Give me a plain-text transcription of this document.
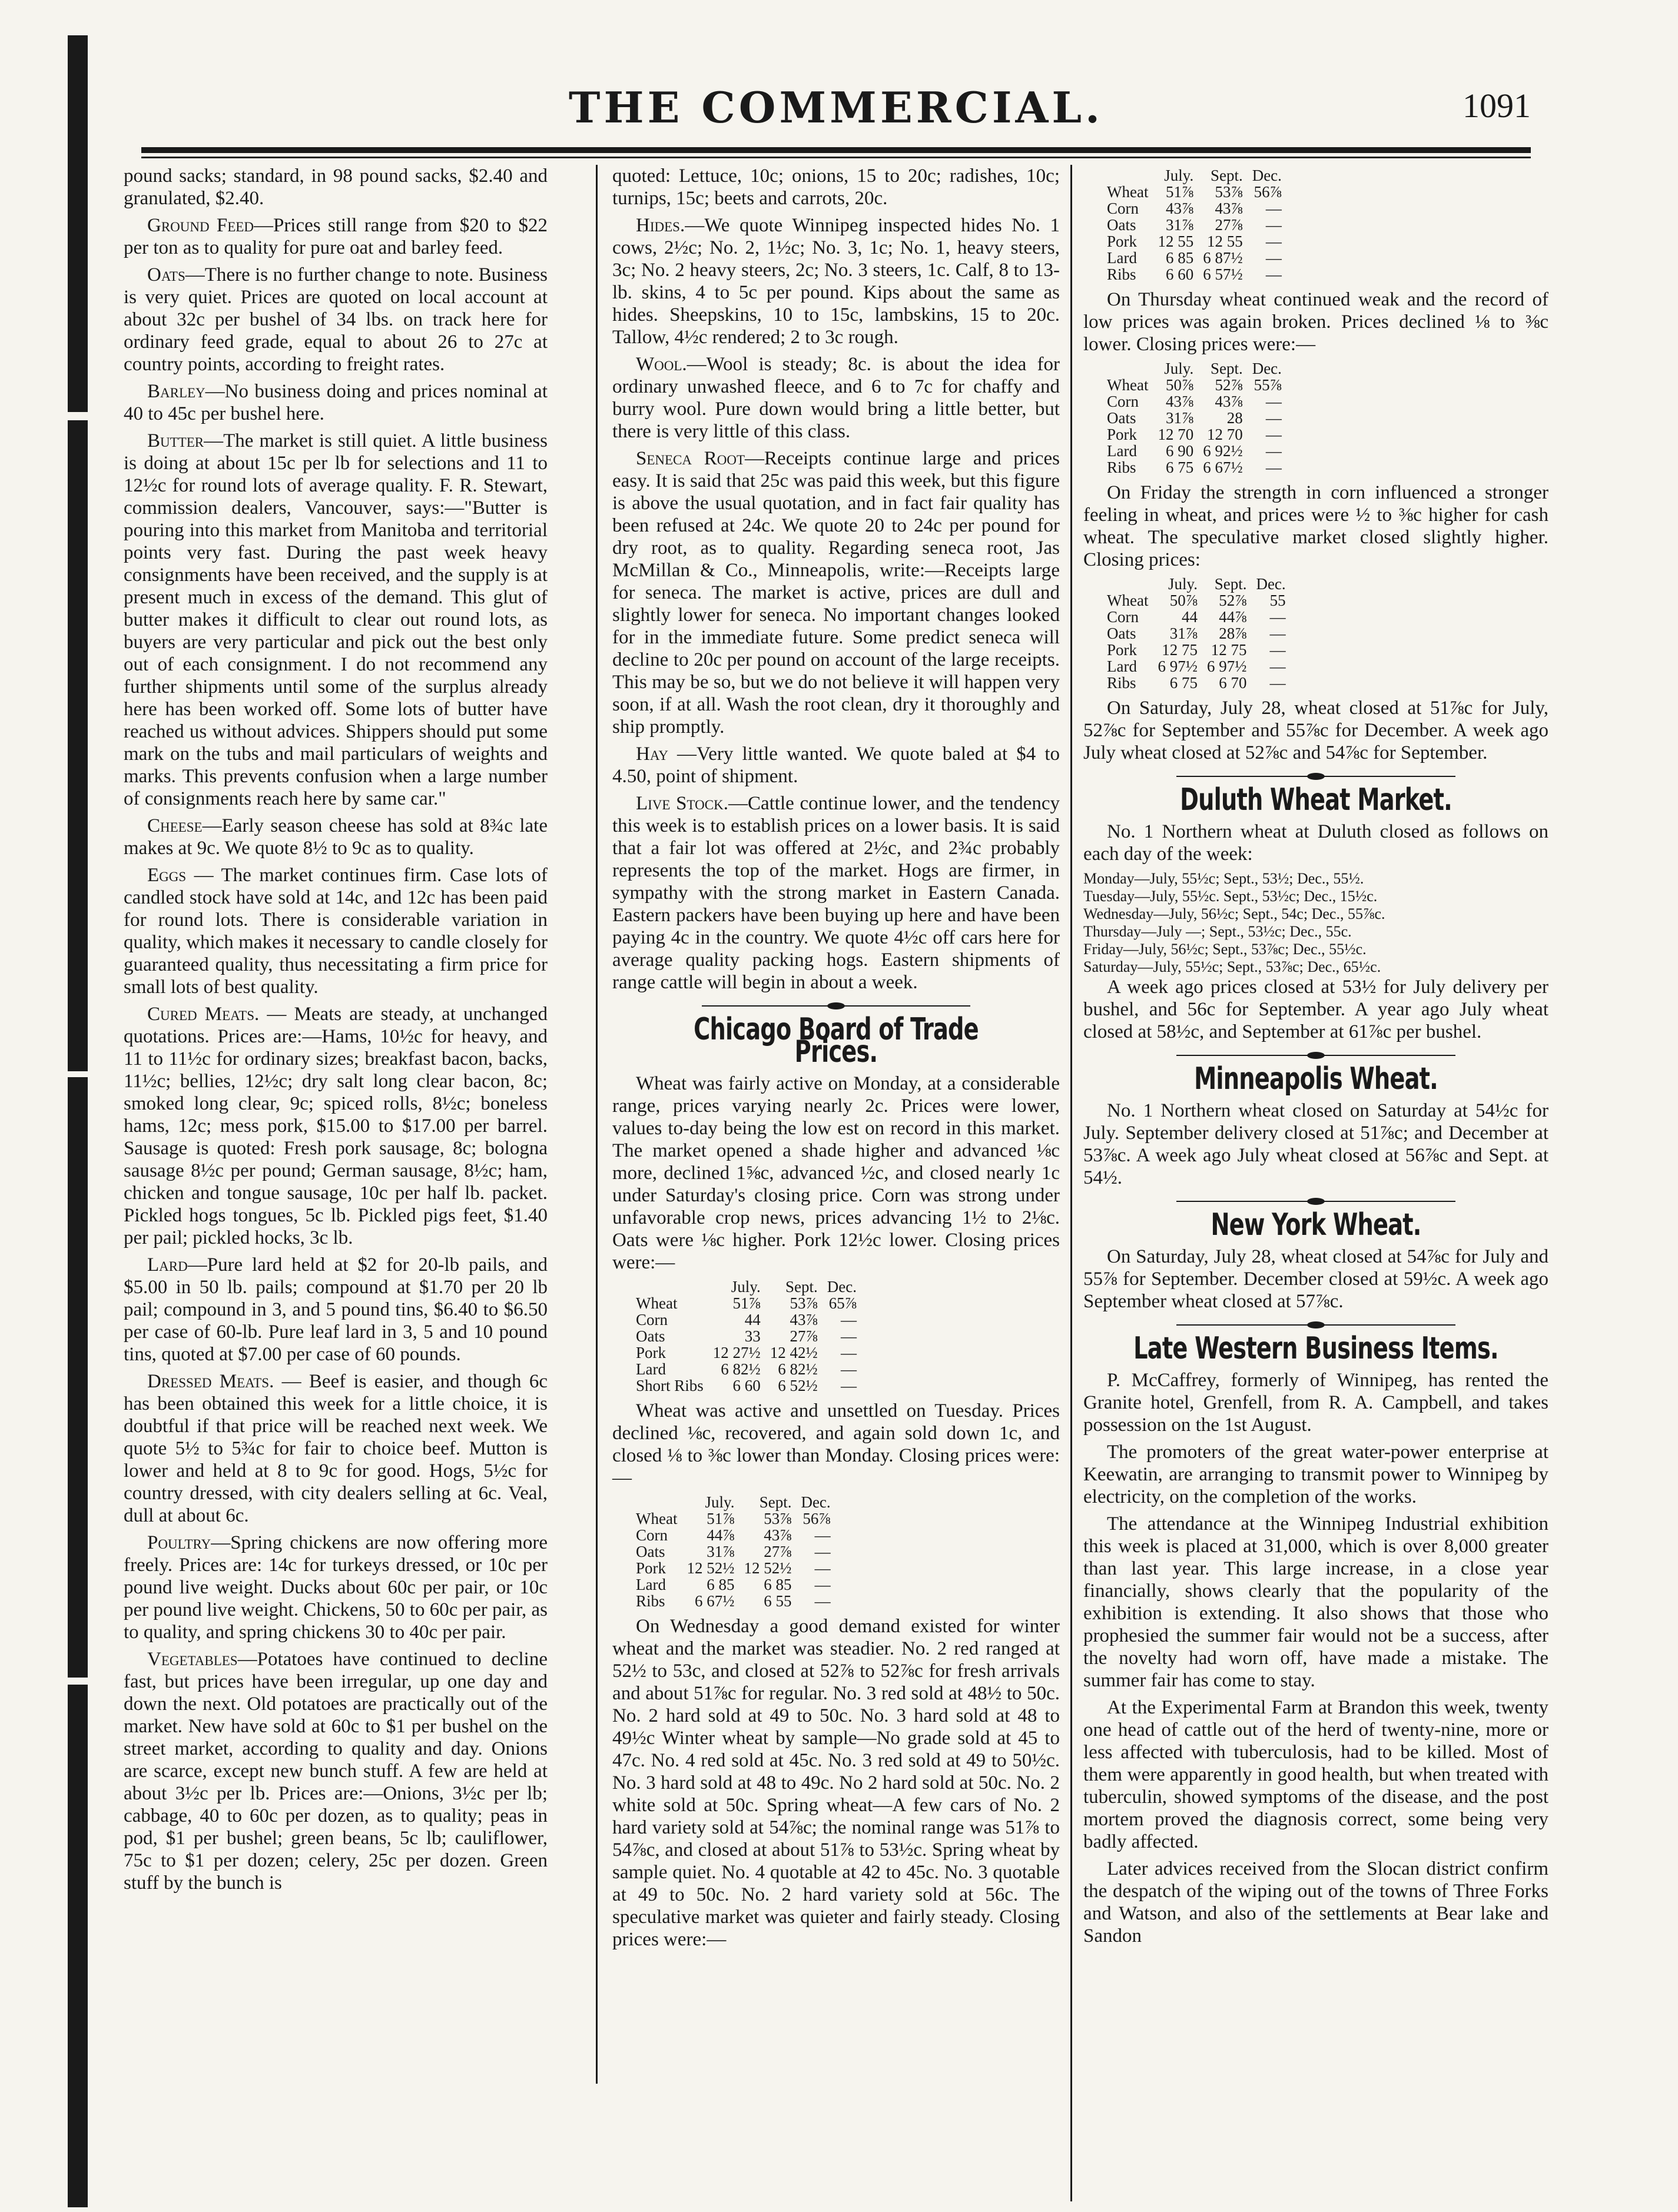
THE COMMERCIAL.	1091

pound sacks; standard, in 98 pound sacks, $2.40 and granulated, $2.40.

Ground Feed—Prices still range from $20 to $22 per ton as to quality for pure oat and barley feed.

Oats—There is no further change to note. Business is very quiet. Prices are quoted on local account at about 32c per bushel of 34 lbs. on track here for ordinary feed grade, equal to about 26 to 27c at country points, according to freight rates.

Barley—No business doing and prices nominal at 40 to 45c per bushel here.

Butter—The market is still quiet. A little business is doing at about 15c per lb for selections and 11 to 12½c for round lots of average quality. F. R. Stewart, commission dealers, Vancouver, says:—"Butter is pouring into this market from Manitoba and territorial points very fast. During the past week heavy consignments have been received, and the supply is at present much in excess of the demand. This glut of butter makes it difficult to clear out round lots, as buyers are very particular and pick out the best only out of each consignment. I do not recommend any further shipments until some of the surplus already here has been worked off. Some lots of butter have reached us without advices. Shippers should put some mark on the tubs and mail particulars of weights and marks. This prevents confusion when a large number of consignments reach here by same car."

Cheese—Early season cheese has sold at 8¾c late makes at 9c. We quote 8½ to 9c as to quality.

Eggs — The market continues firm. Case lots of candled stock have sold at 14c, and 12c has been paid for round lots. There is considerable variation in quality, which makes it necessary to candle closely for guaranteed quality, thus necessitating a firm price for small lots of best quality.

Cured Meats. — Meats are steady, at unchanged quotations. Prices are:—Hams, 10½c for heavy, and 11 to 11½c for ordinary sizes; breakfast bacon, backs, 11½c; bellies, 12½c; dry salt long clear bacon, 8c; smoked long clear, 9c; spiced rolls, 8½c; boneless hams, 12c; mess pork, $15.00 to $17.00 per barrel. Sausage is quoted: Fresh pork sausage, 8c; bologna sausage 8½c per pound; German sausage, 8½c; ham, chicken and tongue sausage, 10c per half lb. packet. Pickled hogs tongues, 5c lb. Pickled pigs feet, $1.40 per pail; pickled hocks, 3c lb.

Lard—Pure lard held at $2 for 20-lb pails, and $5.00 in 50 lb. pails; compound at $1.70 per 20 lb pail; compound in 3, and 5 pound tins, $6.40 to $6.50 per case of 60-lb. Pure leaf lard in 3, 5 and 10 pound tins, quoted at $7.00 per case of 60 pounds.

Dressed Meats. — Beef is easier, and though 6c has been obtained this week for a little choice, it is doubtful if that price will be reached next week. We quote 5½ to 5¾c for fair to choice beef. Mutton is lower and held at 8 to 9c for good. Hogs, 5½c for country dressed, with city dealers selling at 6c. Veal, dull at about 6c.

Poultry—Spring chickens are now offering more freely. Prices are: 14c for turkeys dressed, or 10c per pound live weight. Ducks about 60c per pair, or 10c per pound live weight. Chickens, 50 to 60c per pair, as to quality, and spring chickens 30 to 40c per pair.

Vegetables—Potatoes have continued to decline fast, but prices have been irregular, up one day and down the next. Old potatoes are practically out of the market. New have sold at 60c to $1 per bushel on the street market, according to quality and day. Onions are scarce, except new bunch stuff. A few are held at about 3½c per lb. Prices are:—Onions, 3½c per lb; cabbage, 40 to 60c per dozen, as to quality; peas in pod, $1 per bushel; green beans, 5c lb; cauliflower, 75c to $1 per dozen; celery, 25c per dozen. Green stuff by the bunch is

quoted: Lettuce, 10c; onions, 15 to 20c; radishes, 10c; turnips, 15c; beets and carrots, 20c.

Hides.—We quote Winnipeg inspected hides No. 1 cows, 2½c; No. 2, 1½c; No. 3, 1c; No. 1, heavy steers, 3c; No. 2 heavy steers, 2c; No. 3 steers, 1c. Calf, 8 to 13-lb. skins, 4 to 5c per pound. Kips about the same as hides. Sheepskins, 10 to 15c, lambskins, 15 to 20c. Tallow, 4½c rendered; 2 to 3c rough.

Wool.—Wool is steady; 8c. is about the idea for ordinary unwashed fleece, and 6 to 7c for chaffy and burry wool. Pure down would bring a little better, but there is very little of this class.

Seneca Root—Receipts continue large and prices easy. It is said that 25c was paid this week, but this figure is above the usual quotation, and in fact fair quality has been refused at 24c. We quote 20 to 24c per pound for dry root, as to quality. Regarding seneca root, Jas McMillan & Co., Minneapolis, write:—Receipts large for seneca. The market is active, prices are dull and slightly lower for seneca. No important changes looked for in the immediate future. Some predict seneca will decline to 20c per pound on account of the large receipts. This may be so, but we do not believe it will happen very soon, if at all. Wash the root clean, dry it thoroughly and ship promptly.

Hay —Very little wanted. We quote baled at $4 to 4.50, point of shipment.

Live Stock.—Cattle continue lower, and the tendency this week is to establish prices on a lower basis. It is said that a fair lot was offered at 2½c, and 2¾c probably represents the top of the market. Hogs are firmer, in sympathy with the strong market in Eastern Canada. Eastern packers have been buying up here and have been paying 4c in the country. We quote 4½c off cars here for average quality packing hogs. Eastern shipments of range cattle will begin in about a week.

Chicago Board of Trade Prices.

Wheat was fairly active on Monday, at a considerable range, prices varying nearly 2c. Prices were lower, values to-day being the low est on record in this market. The market opened a shade higher and advanced ⅛c more, declined 1⅝c, advanced ½c, and closed nearly 1c under Saturday's closing price. Corn was strong under unfavorable crop news, prices advancing 1½ to 2⅛c. Oats were ⅛c higher. Pork 12½c lower. Closing prices were:—

	July.	Sept.	Dec.
Wheat	51⅞	53⅞	65⅞
Corn	44	43⅞	—
Oats	33	27⅞	—
Pork	12 27½	12 42½	—
Lard	6 82½	6 82½	—
Short Ribs	6 60	6 52½	—

Wheat was active and unsettled on Tuesday. Prices declined ⅛c, recovered, and again sold down 1c, and closed ⅛ to ⅜c lower than Monday. Closing prices were:—

	July.	Sept.	Dec.
Wheat	51⅞	53⅞	56⅞
Corn	44⅞	43⅞	—
Oats	31⅞	27⅞	—
Pork	12 52½	12 52½	—
Lard	6 85	6 85	—
Ribs	6 67½	6 55	—

On Wednesday a good demand existed for winter wheat and the market was steadier. No. 2 red ranged at 52½ to 53c, and closed at 52⅞ to 52⅞c for fresh arrivals and about 51⅞c for regular. No. 3 red sold at 48½ to 50c. No. 2 hard sold at 49 to 50c. No. 3 hard sold at 48 to 49½c Winter wheat by sample—No grade sold at 45 to 47c. No. 4 red sold at 45c. No. 3 red sold at 49 to 50½c. No. 3 hard sold at 48 to 49c. No 2 hard sold at 50c. No. 2 white sold at 50c. Spring wheat—A few cars of No. 2 hard variety sold at 54⅞c; the nominal range was 51⅞ to 54⅞c, and closed at about 51⅞ to 53½c. Spring wheat by sample quiet. No. 4 quotable at 42 to 45c. No. 3 quotable at 49 to 50c. No. 2 hard variety sold at 56c. The speculative market was quieter and fairly steady. Closing prices were:—

	July.	Sept.	Dec.
Wheat	51⅞	53⅞	56⅞
Corn	43⅞	43⅞	—
Oats	31⅞	27⅞	—
Pork	12 55	12 55	—
Lard	6 85	6 87½	—
Ribs	6 60	6 57½	—

On Thursday wheat continued weak and the record of low prices was again broken. Prices declined ⅛ to ⅜c lower. Closing prices were:—

	July.	Sept.	Dec.
Wheat	50⅞	52⅞	55⅞
Corn	43⅞	43⅞	—
Oats	31⅞	28	—
Pork	12 70	12 70	—
Lard	6 90	6 92½	—
Ribs	6 75	6 67½	—

On Friday the strength in corn influenced a stronger feeling in wheat, and prices were ½ to ⅜c higher for cash wheat. The speculative market closed slightly higher. Closing prices:

	July.	Sept.	Dec.
Wheat	50⅞	52⅞	55
Corn	44	44⅞	—
Oats	31⅞	28⅞	—
Pork	12 75	12 75	—
Lard	6 97½	6 97½	—
Ribs	6 75	6 70	—

On Saturday, July 28, wheat closed at 51⅞c for July, 52⅞c for September and 55⅞c for December. A week ago July wheat closed at 52⅞c and 54⅞c for September.

Duluth Wheat Market.

No. 1 Northern wheat at Duluth closed as follows on each day of the week:

Monday—July, 55½c; Sept., 53½; Dec., 55½.
Tuesday—July, 55½c. Sept., 53½c; Dec., 15½c.
Wednesday—July, 56½c; Sept., 54c; Dec., 55⅞c.
Thursday—July —; Sept., 53½c; Dec., 55c.
Friday—July, 56½c; Sept., 53⅞c; Dec., 55½c.
Saturday—July, 55½c; Sept., 53⅞c; Dec., 65½c.

A week ago prices closed at 53½ for July delivery per bushel, and 56c for September. A year ago July wheat closed at 58½c, and September at 61⅞c per bushel.

Minneapolis Wheat.

No. 1 Northern wheat closed on Saturday at 54½c for July. September delivery closed at 51⅞c; and December at 53⅞c. A week ago July wheat closed at 56⅞c and Sept. at 54½.

New York Wheat.

On Saturday, July 28, wheat closed at 54⅞c for July and 55⅞ for September. December closed at 59½c. A week ago September wheat closed at 57⅞c.

Late Western Business Items.

P. McCaffrey, formerly of Winnipeg, has rented the Granite hotel, Grenfell, from R. A. Campbell, and takes possession on the 1st August.

The promoters of the great water-power enterprise at Keewatin, are arranging to transmit power to Winnipeg by electricity, on the completion of the works.

The attendance at the Winnipeg Industrial exhibition this week is placed at 31,000, which is over 8,000 greater than last year. This large increase, in a close year financially, shows clearly that the popularity of the exhibition is extending. It also shows that those who prophesied the summer fair would not be a success, after the novelty had worn off, have made a mistake. The summer fair has come to stay.

At the Experimental Farm at Brandon this week, twenty one head of cattle out of the herd of twenty-nine, more or less affected with tuberculosis, had to be killed. Most of them were apparently in good health, but when treated with tuberculin, showed symptoms of the disease, and the post mortem proved the diagnosis correct, some being very badly affected.

Later advices received from the Slocan district confirm the despatch of the wiping out of the towns of Three Forks and Watson, and also of the settlements at Bear lake and Sandon
